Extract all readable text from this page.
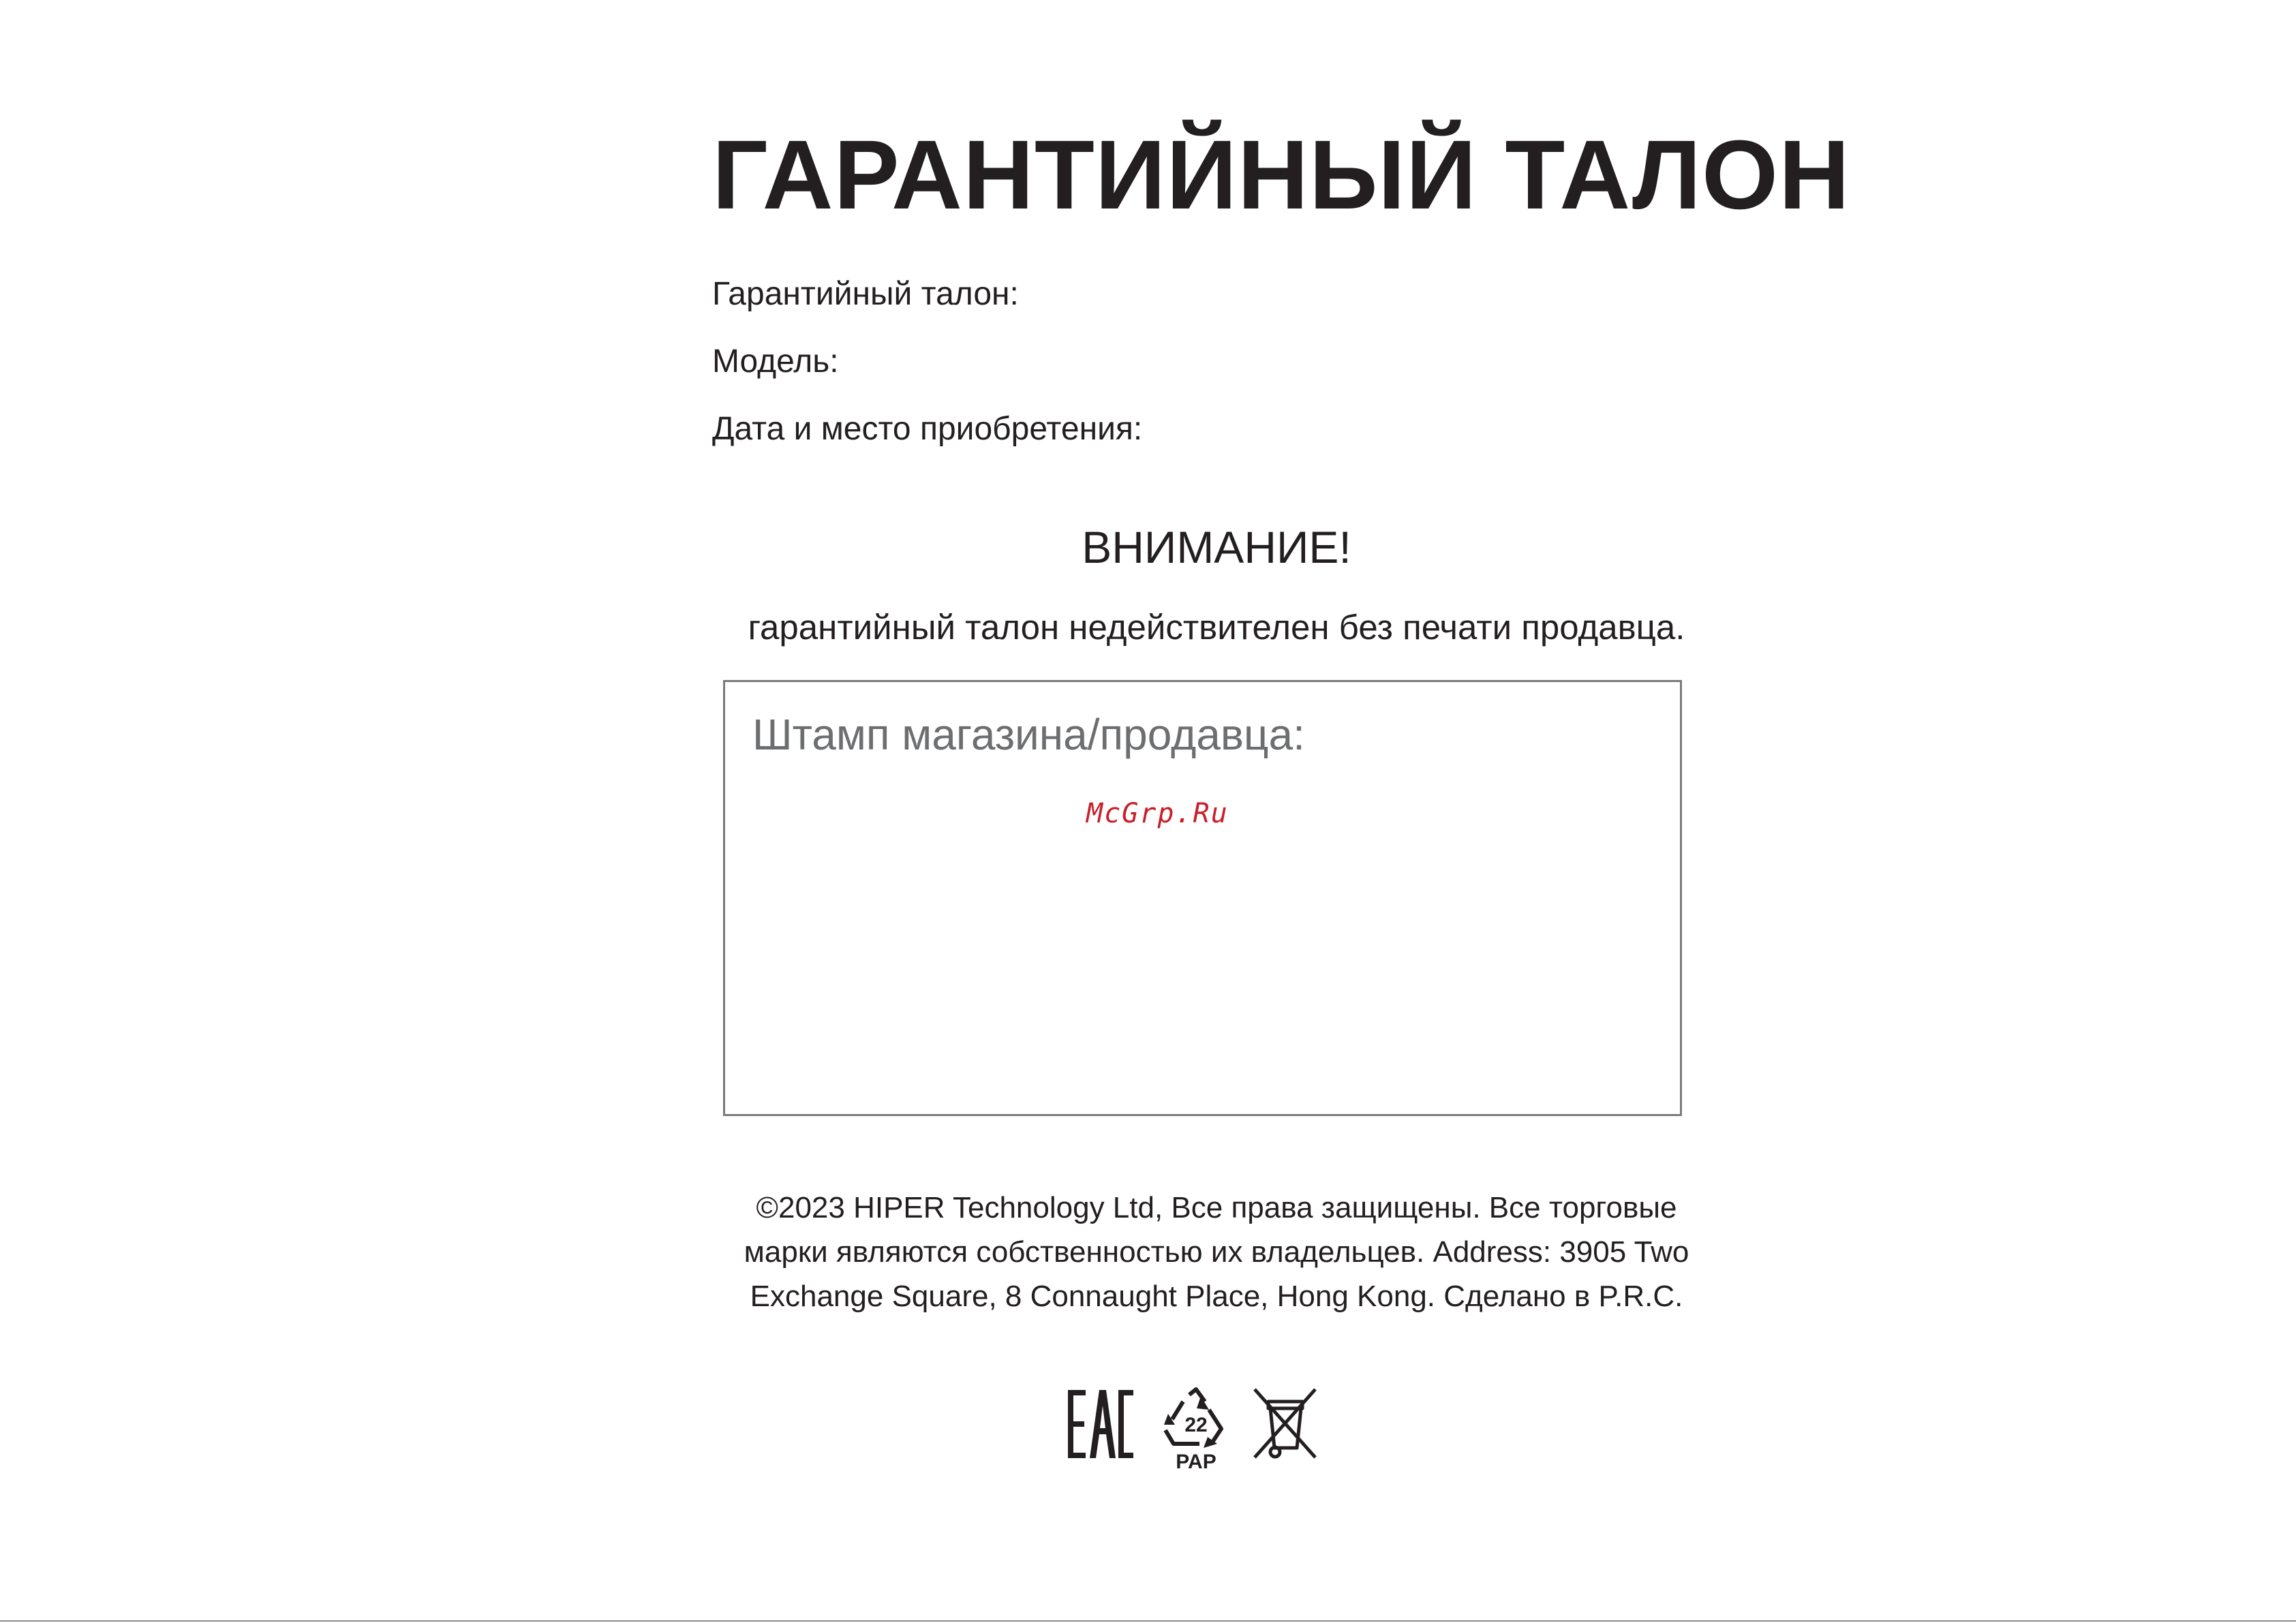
ГАРАНТИЙНЫЙ ТАЛОН
Гарантийный талон:
Модель:
Дата и место приобретения:
ВНИМАНИЕ!
гарантийный талон недействителен без печати продавца.
Штамп магазина/продавца:
McGrp.Ru
©2023 HIPER Technology Ltd, Все права защищены. Все торговые
марки являются собственностью их владельцев. Address: 3905 Two
Exchange Square, 8 Connaught Place, Hong Kong. Сделано в P.R.C.
22
PAP
